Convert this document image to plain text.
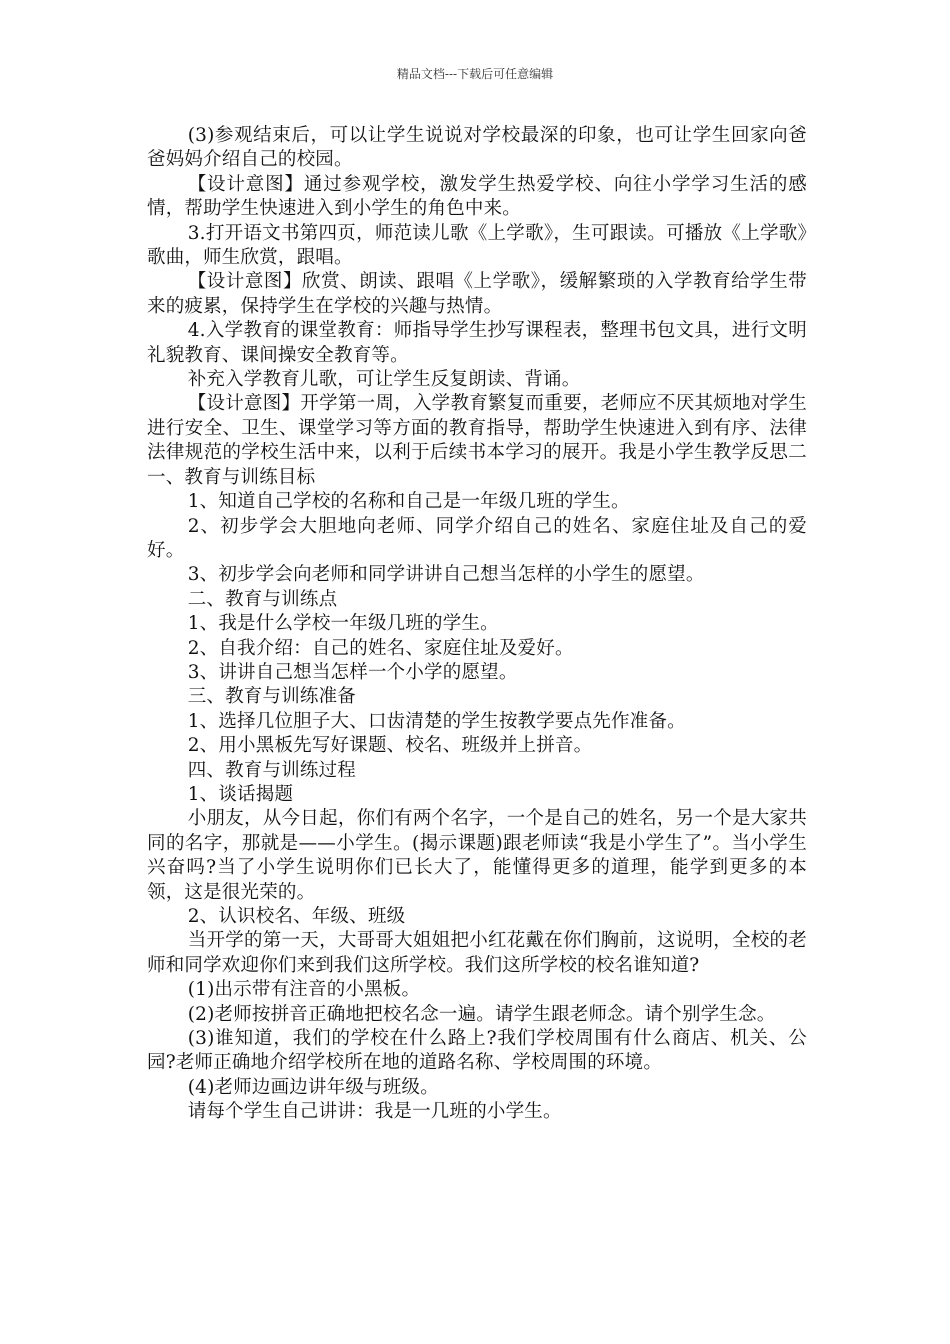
精品文档---下载后可任意编辑

(3)参观结束后，可以让学生说说对学校最深的印象，也可让学生回家向爸爸妈妈介绍自己的校园。

【设计意图】通过参观学校，激发学生热爱学校、向往小学学习生活的感情，帮助学生快速进入到小学生的角色中来。

3.打开语文书第四页，师范读儿歌《上学歌》，生可跟读。可播放《上学歌》歌曲，师生欣赏，跟唱。

【设计意图】欣赏、朗读、跟唱《上学歌》，缓解繁琐的入学教育给学生带来的疲累，保持学生在学校的兴趣与热情。

4.入学教育的课堂教育：师指导学生抄写课程表，整理书包文具，进行文明礼貌教育、课间操安全教育等。

补充入学教育儿歌，可让学生反复朗读、背诵。

【设计意图】开学第一周，入学教育繁复而重要，老师应不厌其烦地对学生进行安全、卫生、课堂学习等方面的教育指导，帮助学生快速进入到有序、法律法律规范的学校生活中来，以利于后续书本学习的展开。我是小学生教学反思二一、教育与训练目标

1、知道自己学校的名称和自己是一年级几班的学生。

2、初步学会大胆地向老师、同学介绍自己的姓名、家庭住址及自己的爱好。

3、初步学会向老师和同学讲讲自己想当怎样的小学生的愿望。

二、教育与训练点

1、我是什么学校一年级几班的学生。

2、自我介绍：自己的姓名、家庭住址及爱好。

3、讲讲自己想当怎样一个小学的愿望。

三、教育与训练准备

1、选择几位胆子大、口齿清楚的学生按教学要点先作准备。

2、用小黑板先写好课题、校名、班级并上拼音。

四、教育与训练过程

1、谈话揭题

小朋友，从今日起，你们有两个名字，一个是自己的姓名，另一个是大家共同的名字，那就是——小学生。(揭示课题)跟老师读“我是小学生了”。当小学生兴奋吗?当了小学生说明你们已长大了，能懂得更多的道理，能学到更多的本领，这是很光荣的。

2、认识校名、年级、班级

当开学的第一天，大哥哥大姐姐把小红花戴在你们胸前，这说明，全校的老师和同学欢迎你们来到我们这所学校。我们这所学校的校名谁知道?

(1)出示带有注音的小黑板。

(2)老师按拼音正确地把校名念一遍。请学生跟老师念。请个别学生念。

(3)谁知道，我们的学校在什么路上?我们学校周围有什么商店、机关、公园?老师正确地介绍学校所在地的道路名称、学校周围的环境。

(4)老师边画边讲年级与班级。

请每个学生自己讲讲：我是一几班的小学生。
